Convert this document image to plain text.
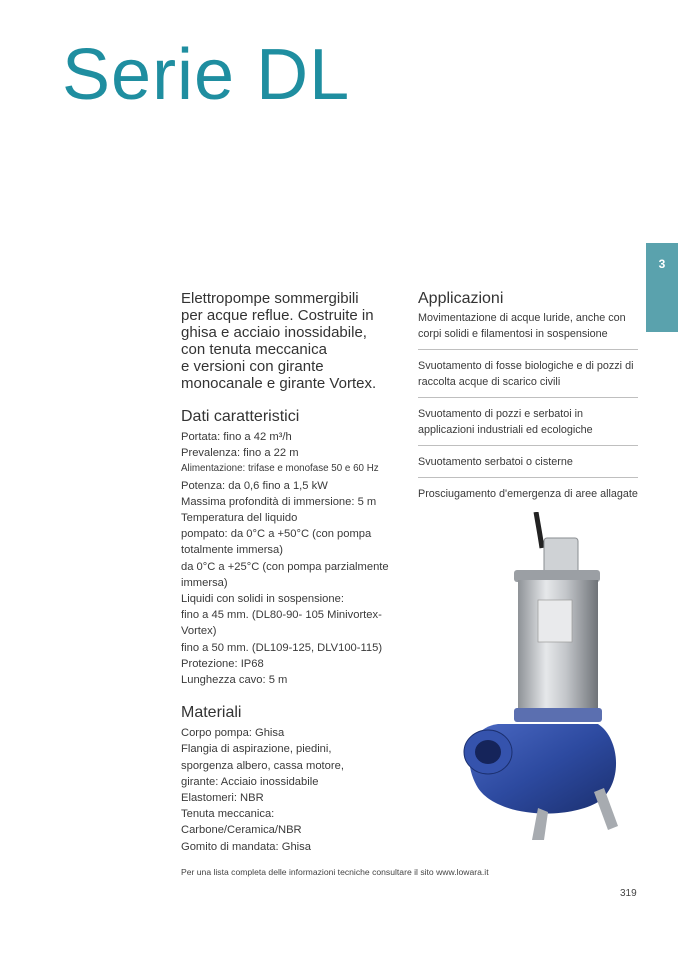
Serie DL
3
Elettropompe sommergibili
per acque reflue. Costruite in
ghisa e acciaio inossidabile,
con tenuta meccanica
e versioni con girante
monocanale e girante Vortex.
Dati caratteristici

Portata: fino a 42 m³/h

Prevalenza: fino a 22 m

Alimentazione: trifase e monofase 50 e 60 Hz

Potenza: da 0,6 fino a 1,5 kW

Massima profondità di immersione: 5 m

Temperatura del liquido

pompato: da 0°C a +50°C (con pompa

totalmente immersa)

da 0°C a +25°C (con pompa parzialmente

immersa)

Liquidi con solidi in sospensione:

fino a 45 mm. (DL80-90- 105 Minivortex-

Vortex)

fino a 50 mm. (DL109-125, DLV100-115)

Protezione: IP68

Lunghezza cavo: 5 m

Materiali

Corpo pompa: Ghisa

Flangia di aspirazione, piedini,

sporgenza albero, cassa motore,

girante: Acciaio inossidabile

Elastomeri: NBR

Tenuta meccanica:

Carbone/Ceramica/NBR

Gomito di mandata: Ghisa

Applicazioni
Movimentazione di acque luride, anche con corpi solidi e filamentosi in sospensione
Svuotamento di fosse biologiche e di pozzi di raccolta acque di scarico civili
Svuotamento di pozzi e serbatoi in applicazioni industriali ed ecologiche
Svuotamento serbatoi o cisterne
Prosciugamento d'emergenza di aree allagate
Per una lista completa delle informazioni tecniche consultare il sito www.lowara.it
319
